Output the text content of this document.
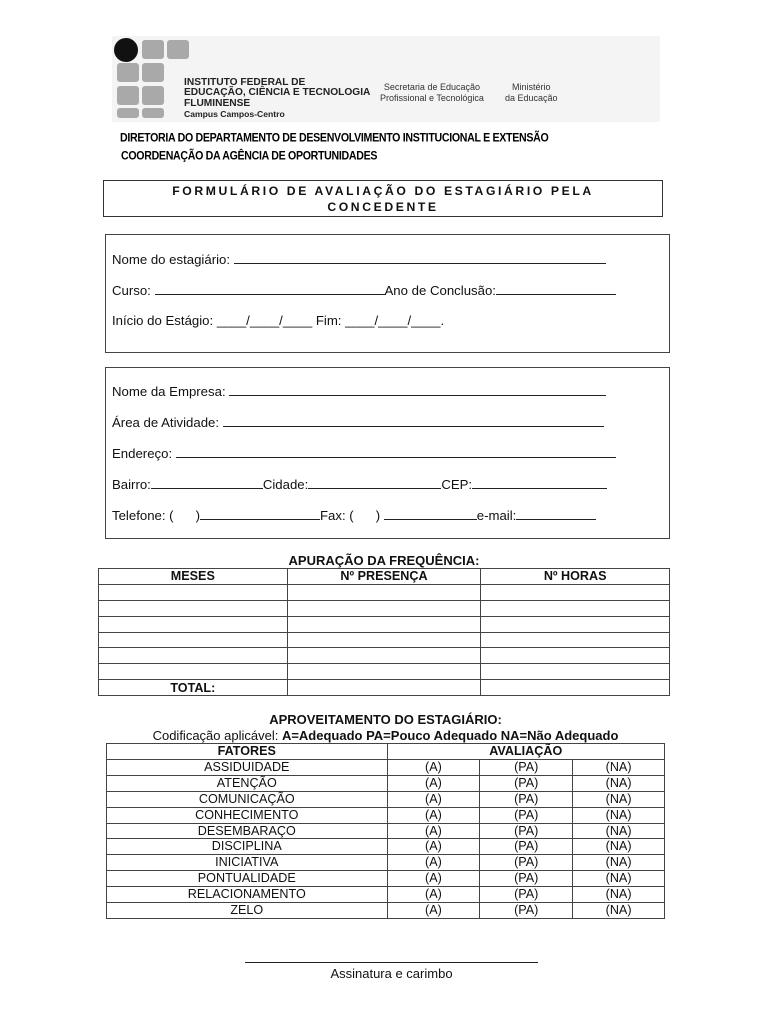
INSTITUTO FEDERAL DE
EDUCAÇÃO, CIÊNCIA E TECNOLOGIA
FLUMINENSE
Campus Campos-Centro
Secretaria de Educação
Profissional e Tecnológica
Ministério
da Educação
DIRETORIA DO DEPARTAMENTO DE DESENVOLVIMENTO INSTITUCIONAL E EXTENSÃO
COORDENAÇÃO DA AGÊNCIA DE OPORTUNIDADES
FORMULÁRIO DE AVALIAÇÃO DO ESTAGIÁRIO PELA
CONCEDENTE
Nome do estagiário:
Curso:	Ano de Conclusão:
Início do Estágio: ____/____/____ Fim: ____/____/____.
Nome da Empresa:
Área de Atividade:
Endereço:
Bairro:	Cidade:	CEP:
Telefone: ( )	Fax: ( )	e-mail:
APURAÇÃO DA FREQUÊNCIA:
MESES	Nº PRESENÇA	Nº HORAS

TOTAL:		
APROVEITAMENTO DO ESTAGIÁRIO:
Codificação aplicável: A=Adequado PA=Pouco Adequado NA=Não Adequado
FATORES	AVALIAÇÃO		
ASSIDUIDADE	(A)	(PA)	(NA)
ATENÇÃO	(A)	(PA)	(NA)
COMUNICAÇÃO	(A)	(PA)	(NA)
CONHECIMENTO	(A)	(PA)	(NA)
DESEMBARAÇO	(A)	(PA)	(NA)
DISCIPLINA	(A)	(PA)	(NA)
INICIATIVA	(A)	(PA)	(NA)
PONTUALIDADE	(A)	(PA)	(NA)
RELACIONAMENTO	(A)	(PA)	(NA)
ZELO	(A)	(PA)	(NA)
Assinatura e carimbo
